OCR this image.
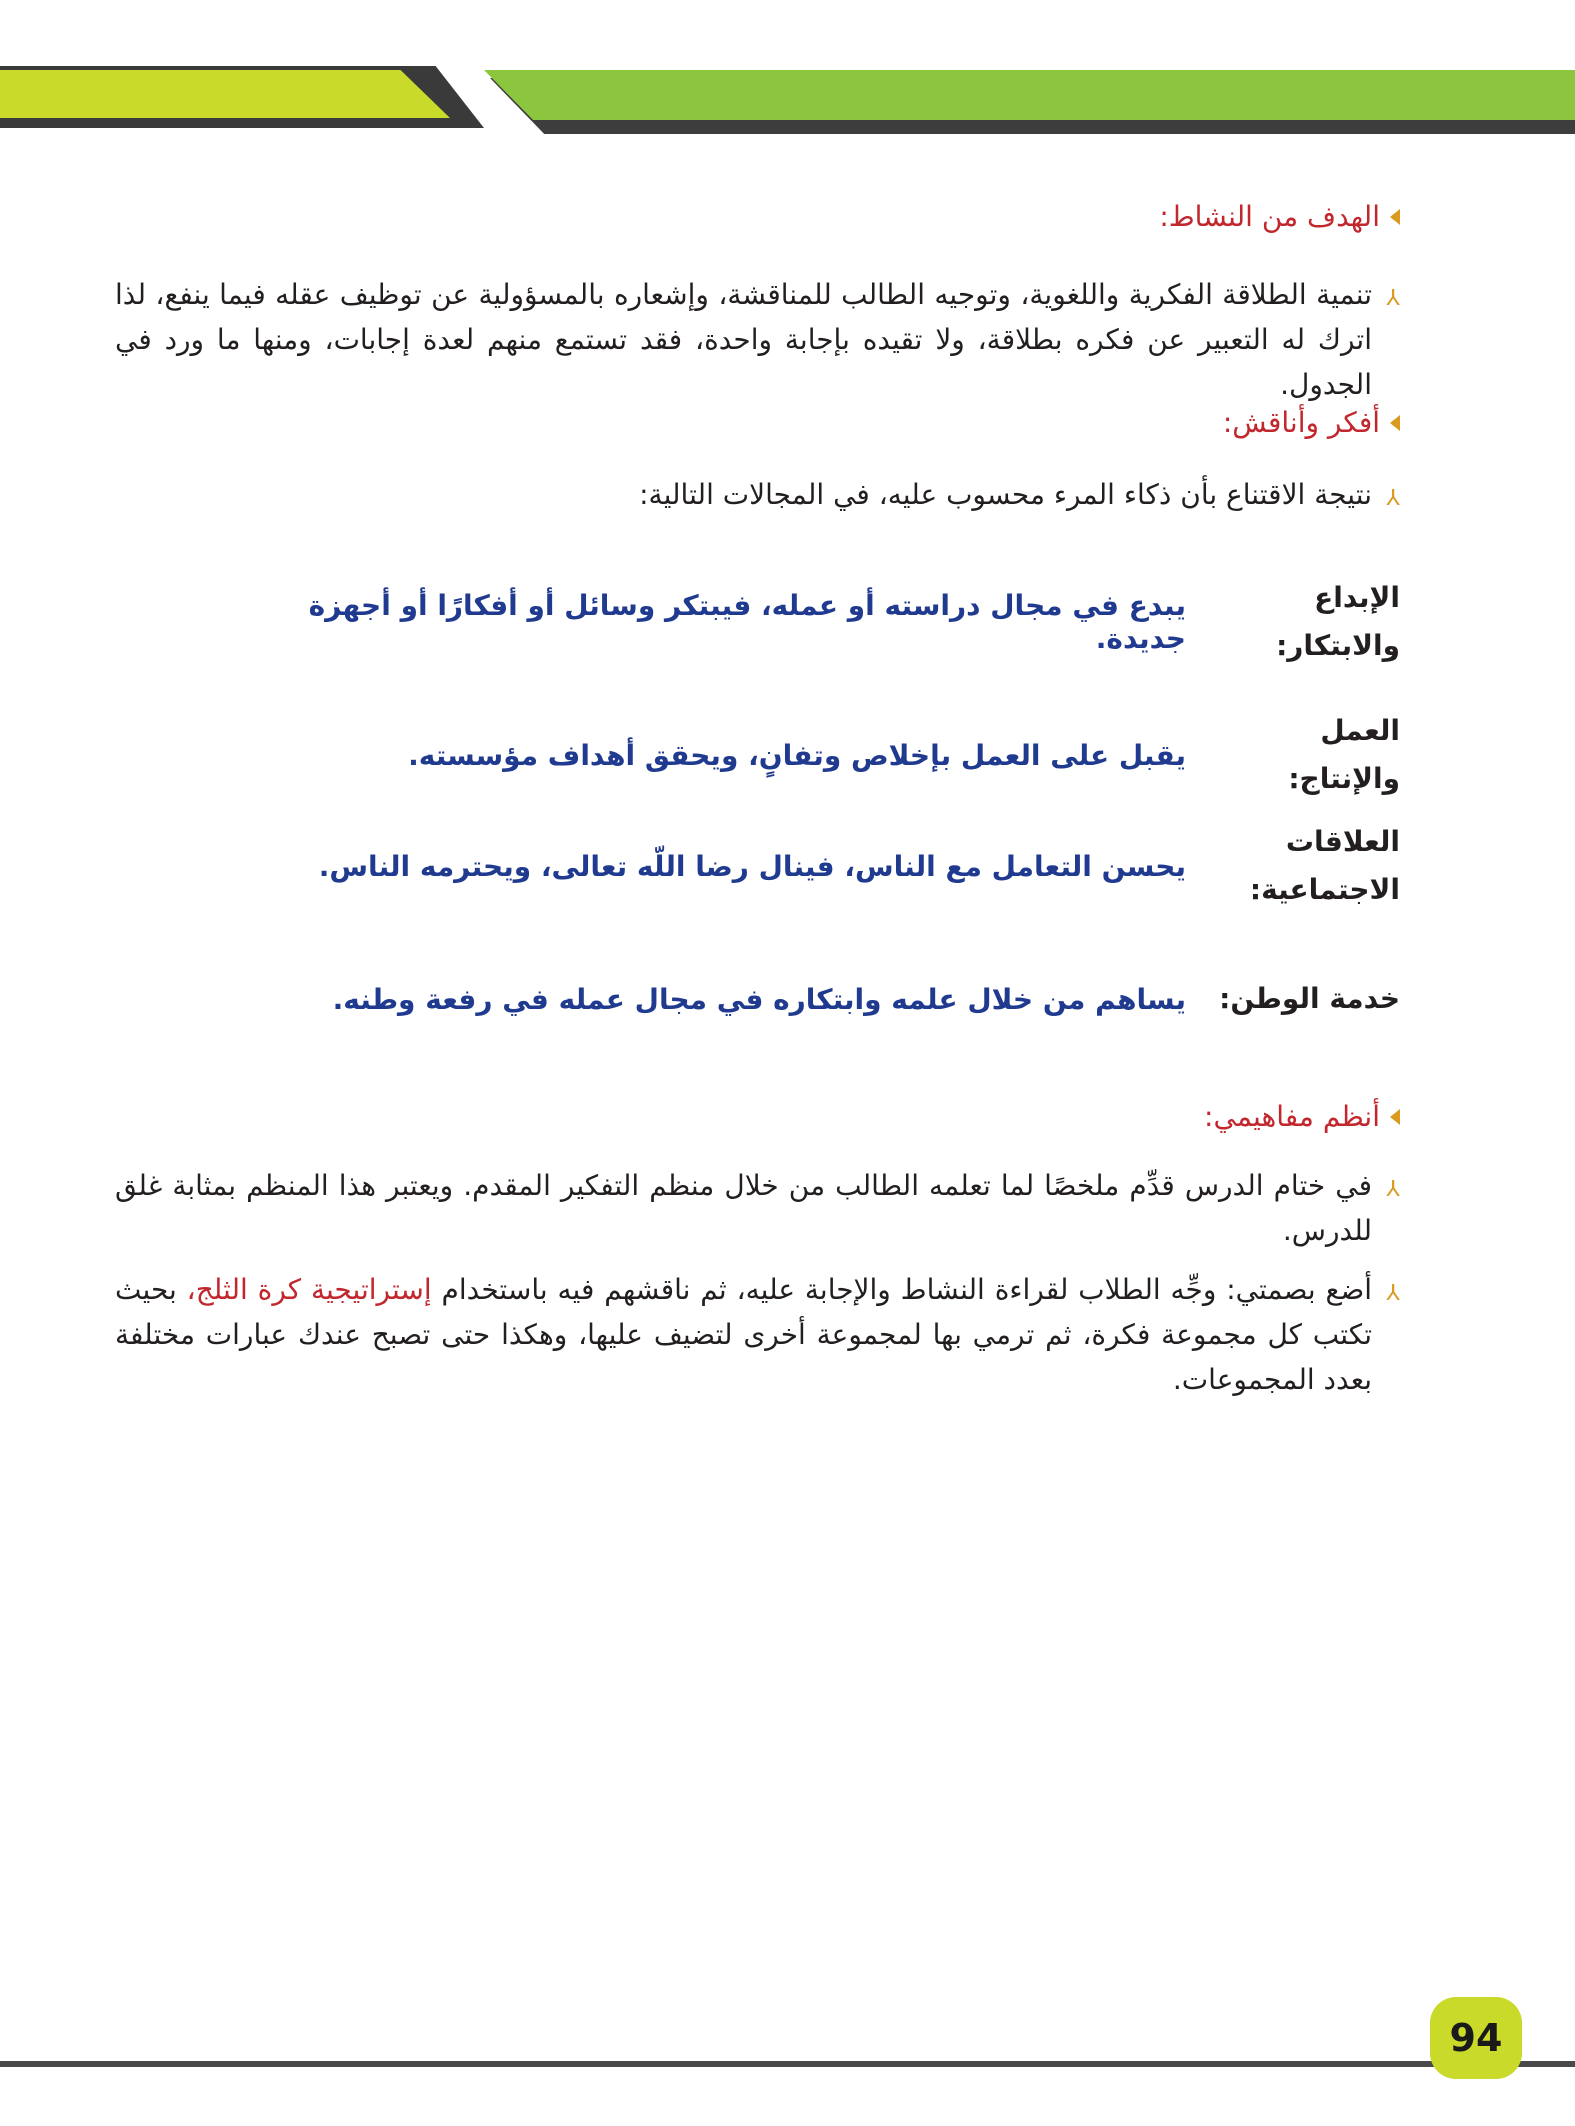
الهدف من النشاط:
⅄
تنمية الطلاقة الفكرية واللغوية، وتوجيه الطالب للمناقشة، وإشعاره بالمسؤولية عن توظيف عقله فيما ينفع، لذا اترك له التعبير عن فكره بطلاقة، ولا تقيده بإجابة واحدة، فقد تستمع منهم لعدة إجابات، ومنها ما ورد في الجدول.
أفكر وأناقش:
⅄
نتيجة الاقتناع بأن ذكاء المرء محسوب عليه، في المجالات التالية:
الإبداع والابتكار:
يبدع في مجال دراسته أو عمله، فيبتكر وسائل أو أفكارًا أو أجهزة جديدة.
العمل والإنتاج:
يقبل على العمل بإخلاص وتفانٍ، ويحقق أهداف مؤسسته.
العلاقات
الاجتماعية:
يحسن التعامل مع الناس، فينال رضا اللّه تعالى، ويحترمه الناس.
خدمة الوطن:
يساهم من خلال علمه وابتكاره في مجال عمله في رفعة وطنه.
أنظم مفاهيمي:
⅄
في ختام الدرس قدِّم ملخصًا لما تعلمه الطالب من خلال منظم التفكير المقدم. ويعتبر هذا المنظم بمثابة غلق للدرس.
⅄
أضع بصمتي: وجِّه الطلاب لقراءة النشاط والإجابة عليه، ثم ناقشهم فيه باستخدام إستراتيجية كرة الثلج، بحيث تكتب كل مجموعة فكرة، ثم ترمي بها لمجموعة أخرى لتضيف عليها، وهكذا حتى تصبح عندك عبارات مختلفة بعدد المجموعات.
94
